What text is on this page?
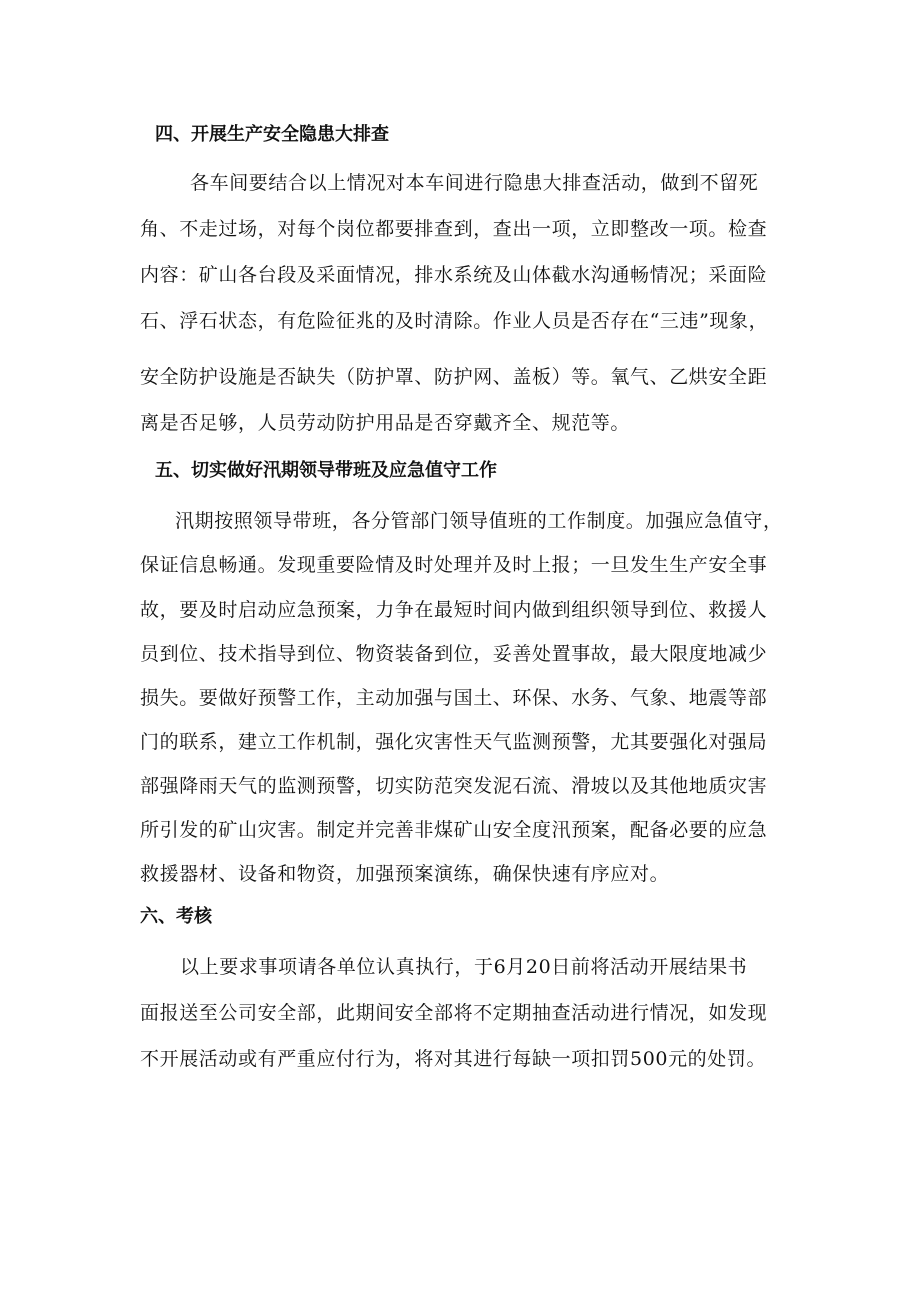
四、开展生产安全隐患大排查
各车间要结合以上情况对本车间进行隐患大排查活动，做到不留死
角、不走过场，对每个岗位都要排查到，查出一项，立即整改一项。检查
内容：矿山各台段及采面情况，排水系统及山体截水沟通畅情况；采面险
石、浮石状态，有危险征兆的及时清除。作业人员是否存在“三违”现象，
安全防护设施是否缺失（防护罩、防护网、盖板）等。氧气、乙烘安全距
离是否足够，人员劳动防护用品是否穿戴齐全、规范等。
五、切实做好汛期领导带班及应急值守工作
汛期按照领导带班，各分管部门领导值班的工作制度。加强应急值守，
保证信息畅通。发现重要险情及时处理并及时上报；一旦发生生产安全事
故，要及时启动应急预案，力争在最短时间内做到组织领导到位、救援人
员到位、技术指导到位、物资装备到位，妥善处置事故，最大限度地减少
损失。要做好预警工作，主动加强与国土、环保、水务、气象、地震等部
门的联系，建立工作机制，强化灾害性天气监测预警，尤其要强化对强局
部强降雨天气的监测预警，切实防范突发泥石流、滑坡以及其他地质灾害
所引发的矿山灾害。制定并完善非煤矿山安全度汛预案，配备必要的应急
救援器材、设备和物资，加强预案演练，确保快速有序应对。
六、考核
以上要求事项请各单位认真执行，于6月20日前将活动开展结果书
面报送至公司安全部，此期间安全部将不定期抽查活动进行情况，如发现
不开展活动或有严重应付行为，将对其进行每缺一项扣罚500元的处罚。
